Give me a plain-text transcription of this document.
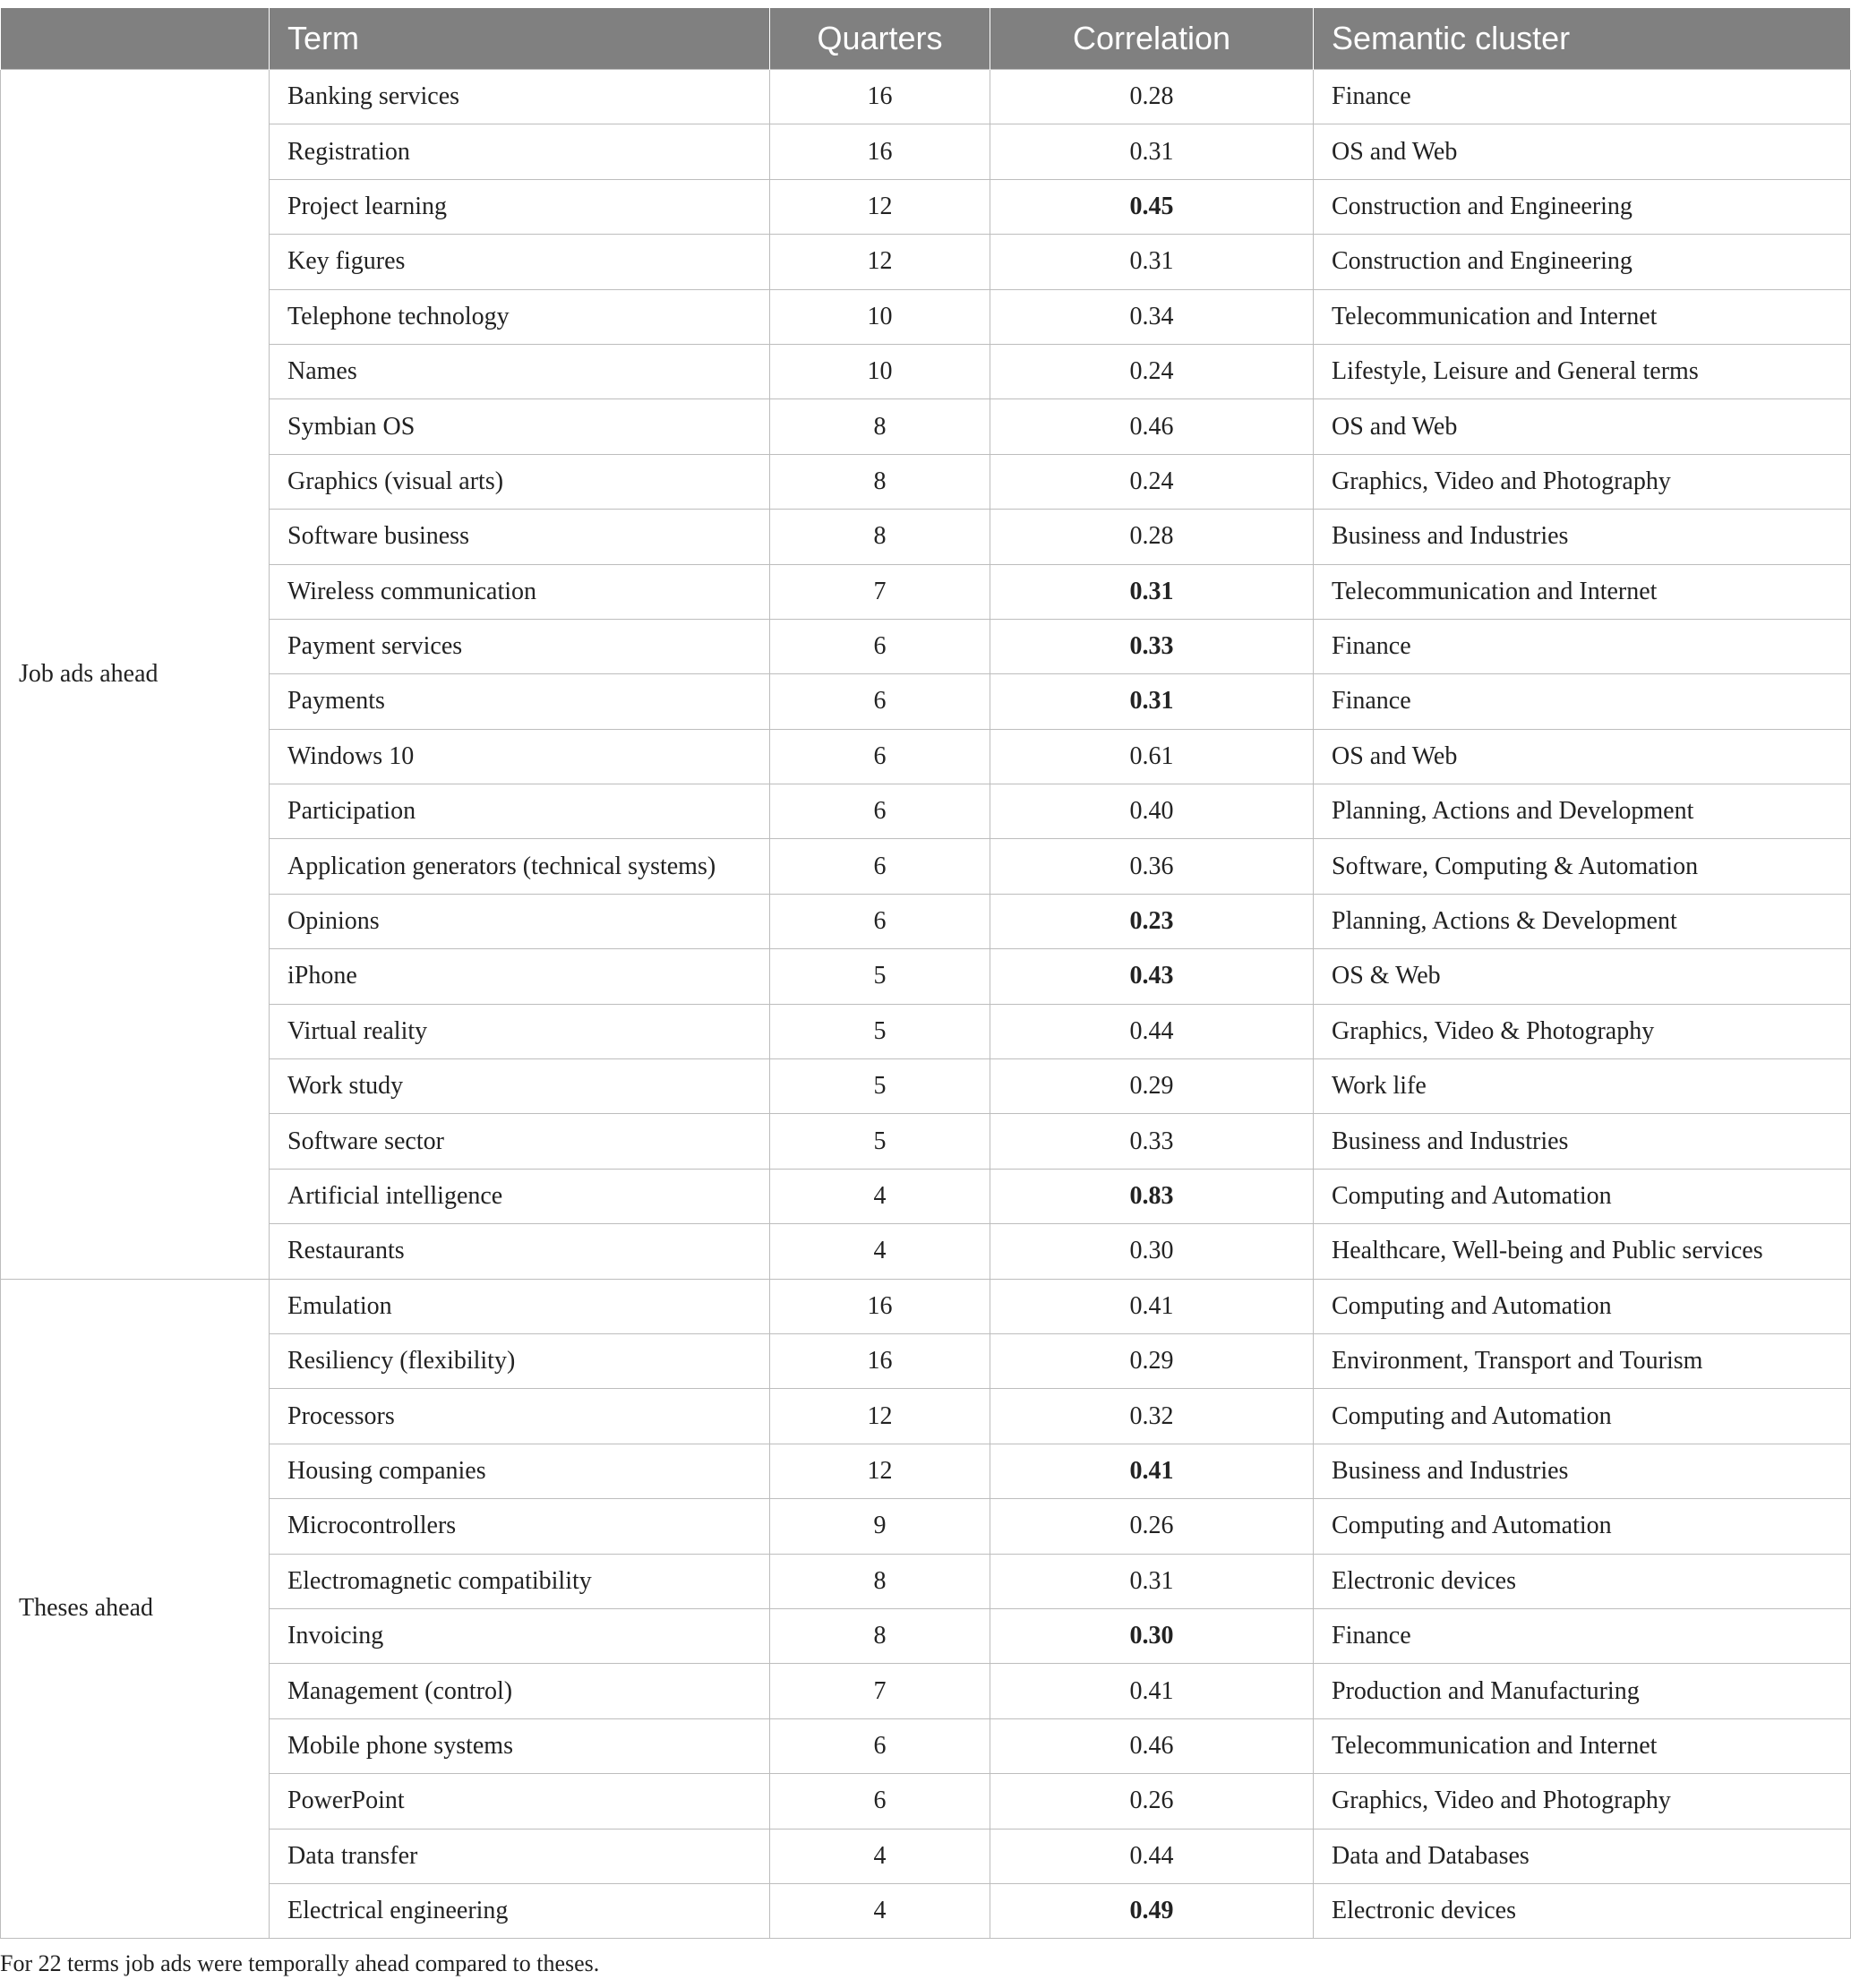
	Term	Quarters	Correlation	Semantic cluster
Job ads ahead	Banking services	16	0.28	Finance
	Registration	16	0.31	OS and Web
	Project learning	12	0.45	Construction and Engineering
	Key figures	12	0.31	Construction and Engineering
	Telephone technology	10	0.34	Telecommunication and Internet
	Names	10	0.24	Lifestyle, Leisure and General terms
	Symbian OS	8	0.46	OS and Web
	Graphics (visual arts)	8	0.24	Graphics, Video and Photography
	Software business	8	0.28	Business and Industries
	Wireless communication	7	0.31	Telecommunication and Internet
	Payment services	6	0.33	Finance
	Payments	6	0.31	Finance
	Windows 10	6	0.61	OS and Web
	Participation	6	0.40	Planning, Actions and Development
	Application generators (technical systems)	6	0.36	Software, Computing & Automation
	Opinions	6	0.23	Planning, Actions & Development
	iPhone	5	0.43	OS & Web
	Virtual reality	5	0.44	Graphics, Video & Photography
	Work study	5	0.29	Work life
	Software sector	5	0.33	Business and Industries
	Artificial intelligence	4	0.83	Computing and Automation
	Restaurants	4	0.30	Healthcare, Well-being and Public services
Theses ahead	Emulation	16	0.41	Computing and Automation
	Resiliency (flexibility)	16	0.29	Environment, Transport and Tourism
	Processors	12	0.32	Computing and Automation
	Housing companies	12	0.41	Business and Industries
	Microcontrollers	9	0.26	Computing and Automation
	Electromagnetic compatibility	8	0.31	Electronic devices
	Invoicing	8	0.30	Finance
	Management (control)	7	0.41	Production and Manufacturing
	Mobile phone systems	6	0.46	Telecommunication and Internet
	PowerPoint	6	0.26	Graphics, Video and Photography
	Data transfer	4	0.44	Data and Databases
	Electrical engineering	4	0.49	Electronic devices
For 22 terms job ads were temporally ahead compared to theses.
